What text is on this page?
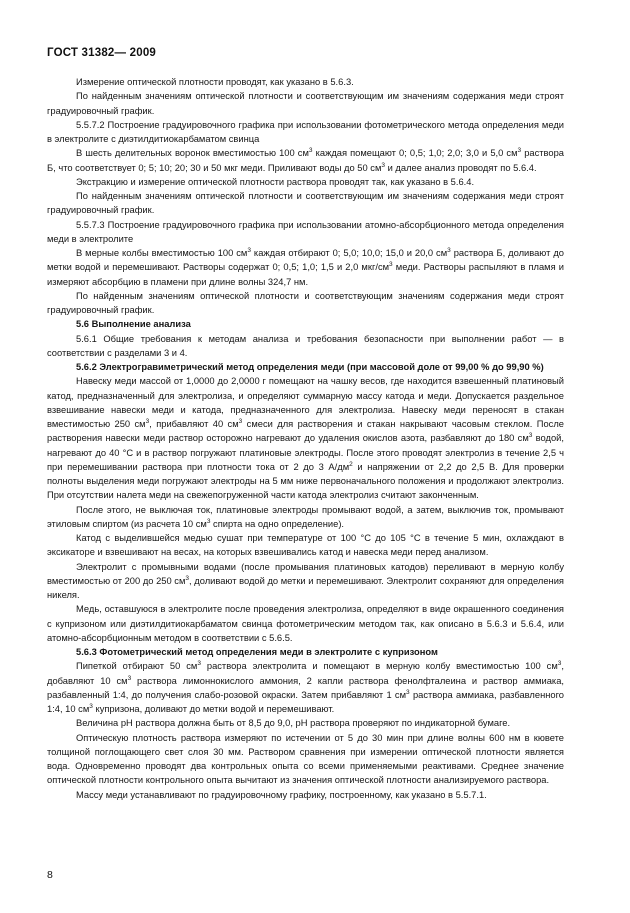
ГОСТ 31382— 2009

Измерение оптической плотности проводят, как указано в 5.6.3.

По найденным значениям оптической плотности и соответствующим им значениям содержания меди строят градуировочный график.

5.5.7.2 Построение градуировочного графика при использовании фотометрического метода определения меди в электролите с диэтилдитиокарбаматом свинца

В шесть делительных воронок вместимостью 100 $см^3$ каждая помещают 0; 0,5; 1,0; 2,0; 3,0 и 5,0 $см^3$ раствора Б, что соответствует 0; 5; 10; 20; 30 и 50 мкг меди. Приливают воды до 50 $см^3$ и далее анализ проводят по 5.6.4.

Экстракцию и измерение оптической плотности раствора проводят так, как указано в 5.6.4.

По найденным значениям оптической плотности и соответствующим им значениям содержания меди строят градуировочный график.

5.5.7.3 Построение градуировочного графика при использовании атомно-абсорбционного метода определения меди в электролите

В мерные колбы вместимостью 100 $см^3$ каждая отбирают 0; 5,0; 10,0; 15,0 и 20,0 $см^3$ раствора Б, доливают до метки водой и перемешивают. Растворы содержат 0; 0,5; 1,0; 1,5 и 2,0 мкг/$см^3$ меди. Растворы распыляют в пламя и измеряют абсорбцию в пламени при длине волны 324,7 нм.

По найденным значениям оптической плотности и соответствующим значениям содержания меди строят градуировочный график.

5.6 Выполнение анализа

5.6.1 Общие требования к методам анализа и требования безопасности при выполнении работ — в соответствии с разделами 3 и 4.

5.6.2 Электрогравиметрический метод определения меди (при массовой доле от 99,00 % до 99,90 %)

Навеску меди массой от 1,0000 до 2,0000 г помещают на чашку весов, где находится взвешенный платиновый катод, предназначенный для электролиза, и определяют суммарную массу катода и меди. Допускается раздельное взвешивание навески меди и катода, предназначенного для электролиза. Навеску меди переносят в стакан вместимостью 250 $см^3$, прибавляют 40 $см^3$ смеси для растворения и стакан накрывают часовым стеклом. После растворения навески меди раствор осторожно нагревают до удаления окислов азота, разбавляют до 180 $см^3$ водой, нагревают до 40 °С и в раствор погружают платиновые электроды. После этого проводят электролиз в течение 2,5 ч при перемешивании раствора при плотности тока от 2 до 3 $А/дм^2$ и напряжении от 2,2 до 2,5 В. Для проверки полноты выделения меди погружают электроды на 5 мм ниже первоначального положения и продолжают электролиз. При отсутствии налета меди на свежепогруженной части катода электролиз считают законченным.

После этого, не выключая ток, платиновые электроды промывают водой, а затем, выключив ток, промывают этиловым спиртом (из расчета 10 $см^3$ спирта на одно определение).

Катод с выделившейся медью сушат при температуре от 100 °С до 105 °С в течение 5 мин, охлаждают в эксикаторе и взвешивают на весах, на которых взвешивались катод и навеска меди перед анализом.

Электролит с промывными водами (после промывания платиновых катодов) переливают в мерную колбу вместимостью от 200 до 250 $см^3$, доливают водой до метки и перемешивают. Электролит сохраняют для определения никеля.

Медь, оставшуюся в электролите после проведения электролиза, определяют в виде окрашенного соединения с купризоном или диэтилдитиокарбаматом свинца фотометрическим методом так, как описано в 5.6.3 и 5.6.4, или атомно-абсорбционным методом в соответствии с 5.6.5.

5.6.3 Фотометрический метод определения меди в электролите с купризоном

Пипеткой отбирают 50 $см^3$ раствора электролита и помещают в мерную колбу вместимостью 100 $см^3$, добавляют 10 $см^3$ раствора лимоннокислого аммония, 2 капли раствора фенолфталеина и раствор аммиака, разбавленный 1:4, до получения слабо-розовой окраски. Затем прибавляют 1 $см^3$ раствора аммиака, разбавленного 1:4, 10 $см^3$ купризона, доливают до метки водой и перемешивают.

Величина pH раствора должна быть от 8,5 до 9,0, pH раствора проверяют по индикаторной бумаге.

Оптическую плотность раствора измеряют по истечении от 5 до 30 мин при длине волны 600 нм в кювете толщиной поглощающего свет слоя 30 мм. Раствором сравнения при измерении оптической плотности является вода. Одновременно проводят два контрольных опыта со всеми применяемыми реактивами. Среднее значение оптической плотности контрольного опыта вычитают из значения оптической плотности анализируемого раствора.

Массу меди устанавливают по градуировочному графику, построенному, как указано в 5.5.7.1.

8
